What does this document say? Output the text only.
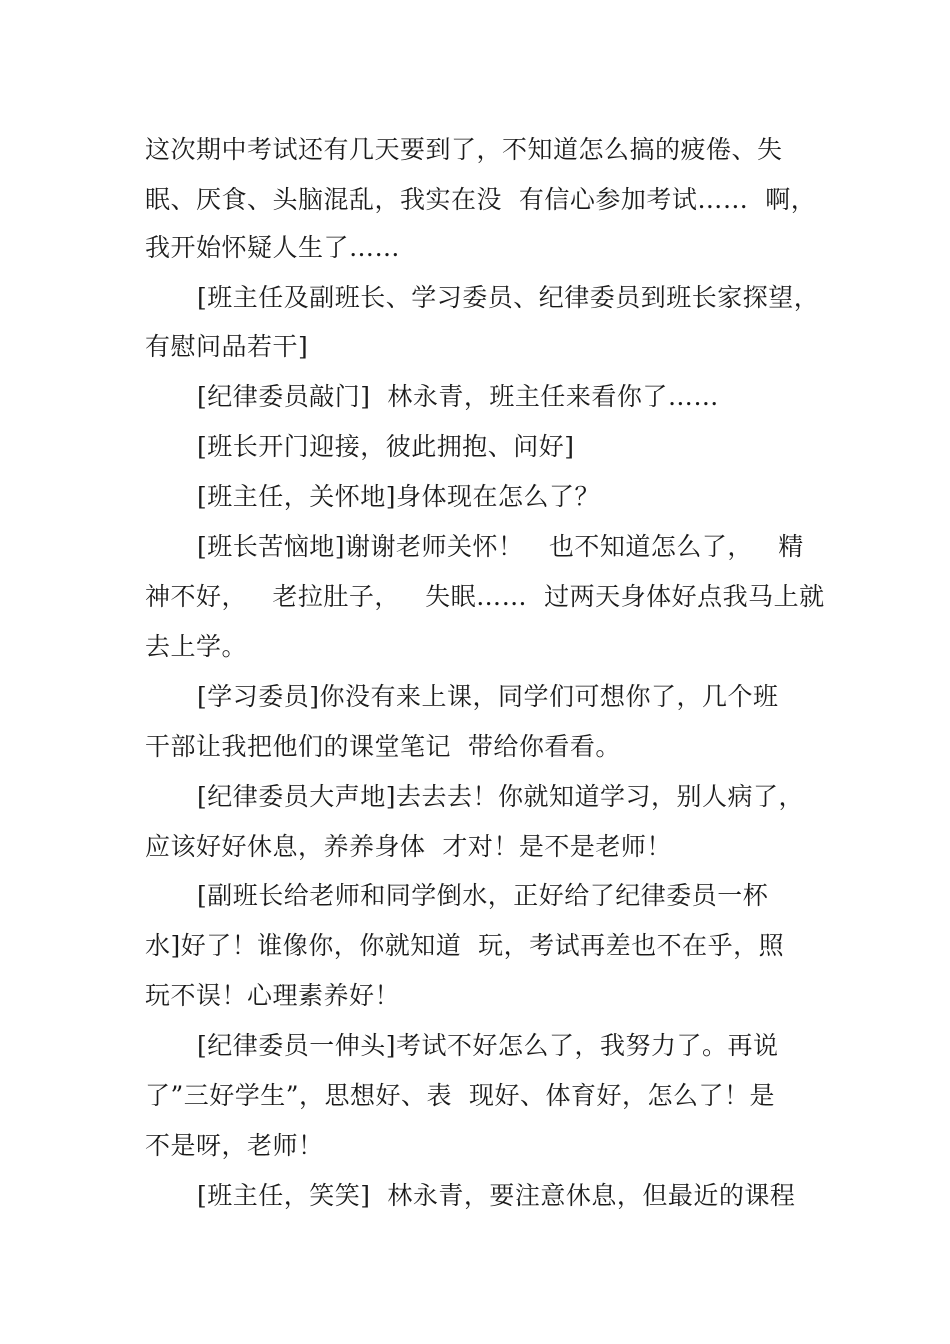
这次期中考试还有几天要到了，不知道怎么搞的疲倦、失

眠、厌食、头脑混乱，我实在没  有信心参加考试……  啊，

我开始怀疑人生了……

[班主任及副班长、学习委员、纪律委员到班长家探望，

有慰问品若干]

[纪律委员敲门]  林永青，班主任来看你了……

[班长开门迎接，彼此拥抱、问好]

[班主任，关怀地]身体现在怎么了？

[班长苦恼地]谢谢老师关怀！   也不知道怎么了，   精

神不好，   老拉肚子，   失眠……  过两天身体好点我马上就

去上学。

[学习委员]你没有来上课，同学们可想你了，几个班

干部让我把他们的课堂笔记  带给你看看。

[纪律委员大声地]去去去！你就知道学习，别人病了，

应该好好休息，养养身体  才对！是不是老师！

[副班长给老师和同学倒水，正好给了纪律委员一杯

水]好了！谁像你，你就知道  玩，考试再差也不在乎，照

玩不误！心理素养好！

[纪律委员一伸头]考试不好怎么了，我努力了。再说

了”三好学生”，思想好、表  现好、体育好，怎么了！是

不是呀，老师！

[班主任，笑笑]  林永青，要注意休息，但最近的课程
